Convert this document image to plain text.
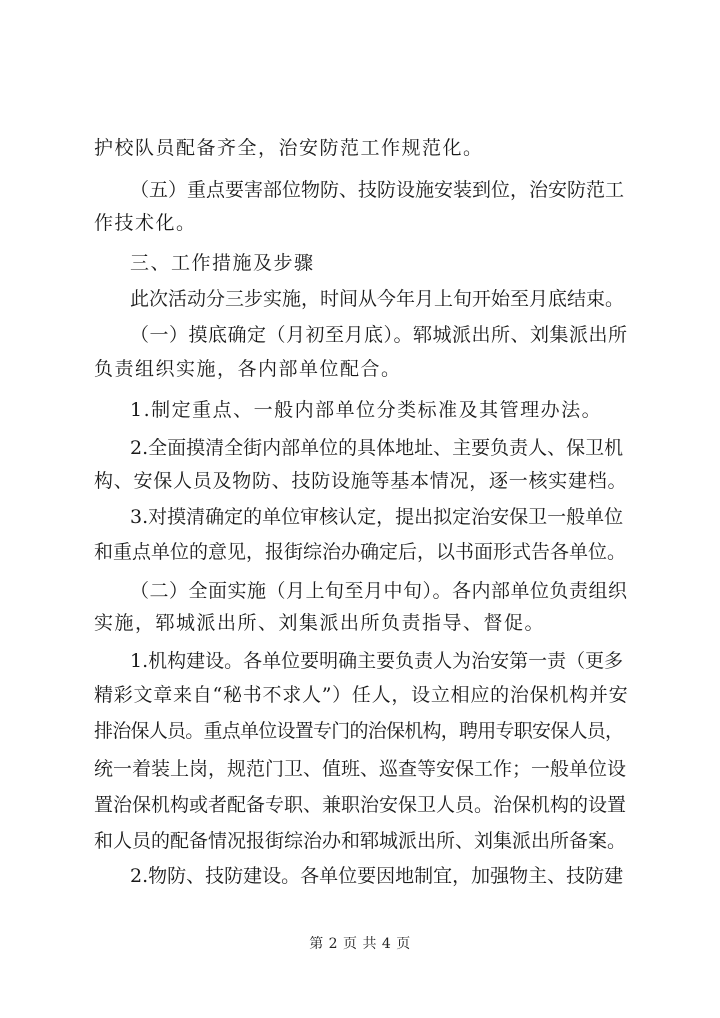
护校队员配备齐全，治安防范工作规范化。
（五）重点要害部位物防、技防设施安装到位，治安防范工
作技术化。
三、工作措施及步骤
此次活动分三步实施，时间从今年月上旬开始至月底结束。
（一）摸底确定（月初至月底）。郓城派出所、刘集派出所
负责组织实施，各内部单位配合。
1.制定重点、一般内部单位分类标准及其管理办法。
2.全面摸清全街内部单位的具体地址、主要负责人、保卫机
构、安保人员及物防、技防设施等基本情况，逐一核实建档。
3.对摸清确定的单位审核认定，提出拟定治安保卫一般单位
和重点单位的意见，报街综治办确定后，以书面形式告各单位。
（二）全面实施（月上旬至月中旬）。各内部单位负责组织
实施，郓城派出所、刘集派出所负责指导、督促。
1.机构建设。各单位要明确主要负责人为治安第一责（更多
精彩文章来自“秘书不求人”）任人，设立相应的治保机构并安
排治保人员。重点单位设置专门的治保机构，聘用专职安保人员，
统一着装上岗，规范门卫、值班、巡查等安保工作；一般单位设
置治保机构或者配备专职、兼职治安保卫人员。治保机构的设置
和人员的配备情况报街综治办和郓城派出所、刘集派出所备案。
2.物防、技防建设。各单位要因地制宜，加强物主、技防建
第 2 页 共 4 页
